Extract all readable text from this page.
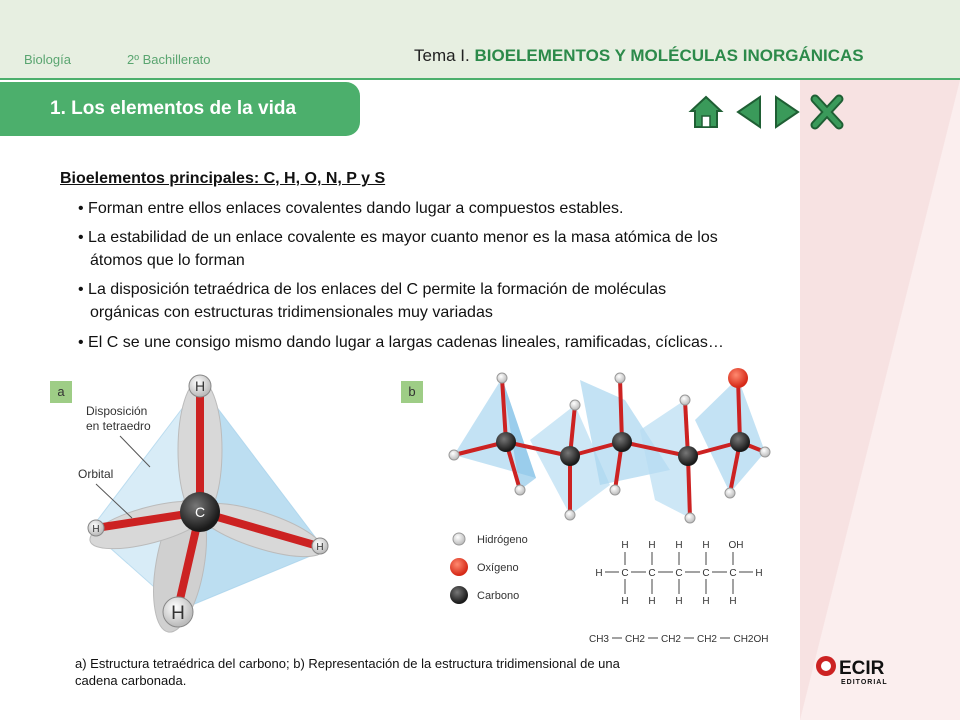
Biología	2º Bachillerato	Tema I. BIOELEMENTOS Y MOLÉCULAS INORGÁNICAS
1. Los elementos de la vida
Bioelementos principales: C, H, O, N, P y S
• Forman entre ellos enlaces covalentes dando lugar a compuestos estables.
• La estabilidad de un enlace covalente es mayor cuanto menor es la masa atómica de los
átomos que lo forman
• La disposición tetraédrica de los enlaces del C permite la formación de moléculas
orgánicas con estructuras tridimensionales muy variadas
• El C se une consigo mismo dando lugar a largas cadenas lineales, ramificadas, cíclicas…
a	b
H
H
H
H
C
Disposición
en tetraedro
Orbital
Hidrógeno
Oxígeno
Carbono
H H H H OH
H C C C C C H
H H H H H
CH3 CH2 CH2 CH2 CH2OH
a) Estructura tetraédrica del carbono; b) Representación de la estructura tridimensional de una
cadena carbonada.
ECIR
EDITORIAL
